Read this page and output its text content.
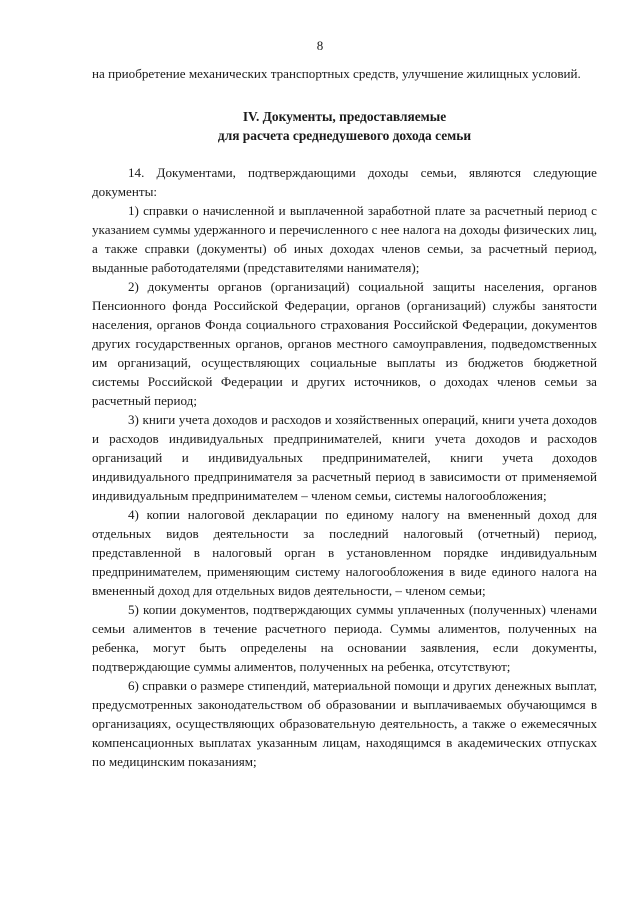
8

на приобретение механических транспортных средств, улучшение жилищных условий.

IV. Документы, предоставляемые
для расчета среднедушевого дохода семьи

14. Документами, подтверждающими доходы семьи, являются следующие документы:

1) справки о начисленной и выплаченной заработной плате за расчетный период с указанием суммы удержанного и перечисленного с нее налога на доходы физических лиц, а также справки (документы) об иных доходах членов семьи, за расчетный период, выданные работодателями (представителями нанимателя);

2) документы органов (организаций) социальной защиты населения, органов Пенсионного фонда Российской Федерации, органов (организаций) службы занятости населения, органов Фонда социального страхования Российской Федерации, документов других государственных органов, органов местного самоуправления, подведомственных им организаций, осуществляющих социальные выплаты из бюджетов бюджетной системы Российской Федерации и других источников, о доходах членов семьи за расчетный период;

3) книги учета доходов и расходов и хозяйственных операций, книги учета доходов и расходов индивидуальных предпринимателей, книги учета доходов и расходов организаций и индивидуальных предпринимателей, книги учета доходов индивидуального предпринимателя за расчетный период в зависимости от применяемой индивидуальным предпринимателем – членом семьи, системы налогообложения;

4) копии налоговой декларации по единому налогу на вмененный доход для отдельных видов деятельности за последний налоговый (отчетный) период, представленной в налоговый орган в установленном порядке индивидуальным предпринимателем, применяющим систему налогообложения в виде единого налога на вмененный доход для отдельных видов деятельности, – членом семьи;

5) копии документов, подтверждающих суммы уплаченных (полученных) членами семьи алиментов в течение расчетного периода. Суммы алиментов, полученных на ребенка, могут быть определены на основании заявления, если документы, подтверждающие суммы алиментов, полученных на ребенка, отсутствуют;

6) справки о размере стипендий, материальной помощи и других денежных выплат, предусмотренных законодательством об образовании и выплачиваемых обучающимся в организациях, осуществляющих образовательную деятельность, а также о ежемесячных компенсационных выплатах указанным лицам, находящимся в академических отпусках по медицинским показаниям;
